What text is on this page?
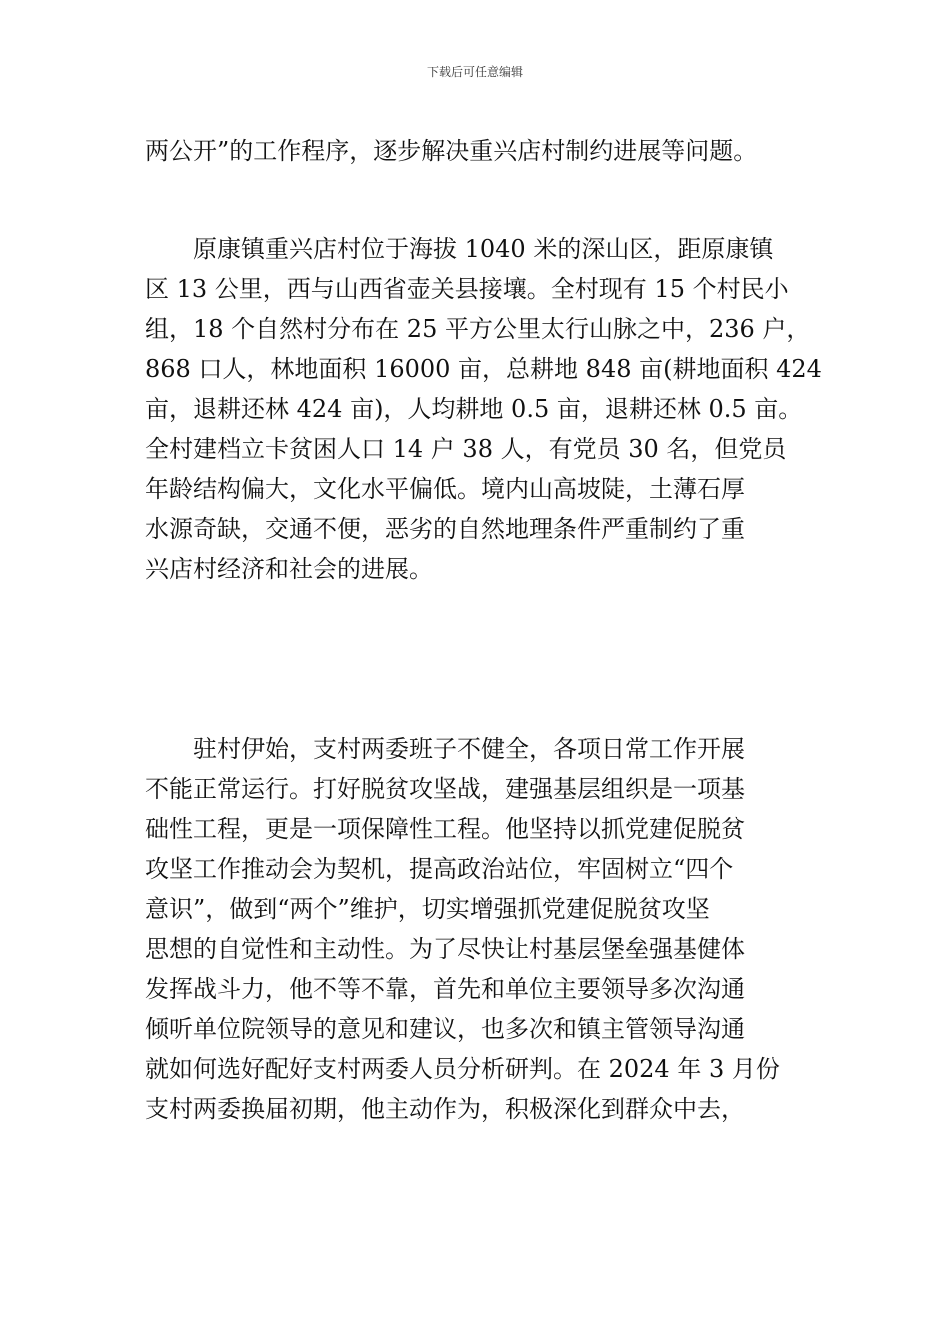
下载后可任意编辑
两公开”的工作程序，逐步解决重兴店村制约进展等问题。
　　原康镇重兴店村位于海拔 1040 米的深山区，距原康镇
区 13 公里，西与山西省壶关县接壤。全村现有 15 个村民小
组，18 个自然村分布在 25 平方公里太行山脉之中，236 户，
868 口人，林地面积 16000 亩，总耕地 848 亩(耕地面积 424
亩，退耕还林 424 亩)，人均耕地 0.5 亩，退耕还林 0.5 亩。
全村建档立卡贫困人口 14 户 38 人，有党员 30 名，但党员
年龄结构偏大，文化水平偏低。境内山高坡陡，土薄石厚
水源奇缺，交通不便，恶劣的自然地理条件严重制约了重
兴店村经济和社会的进展。
　　驻村伊始，支村两委班子不健全，各项日常工作开展
不能正常运行。打好脱贫攻坚战，建强基层组织是一项基
础性工程，更是一项保障性工程。他坚持以抓党建促脱贫
攻坚工作推动会为契机，提高政治站位，牢固树立“四个
意识”，做到“两个”维护，切实增强抓党建促脱贫攻坚
思想的自觉性和主动性。为了尽快让村基层堡垒强基健体
发挥战斗力，他不等不靠，首先和单位主要领导多次沟通
倾听单位院领导的意见和建议，也多次和镇主管领导沟通
就如何选好配好支村两委人员分析研判。在 2024 年 3 月份
支村两委换届初期，他主动作为，积极深化到群众中去，
